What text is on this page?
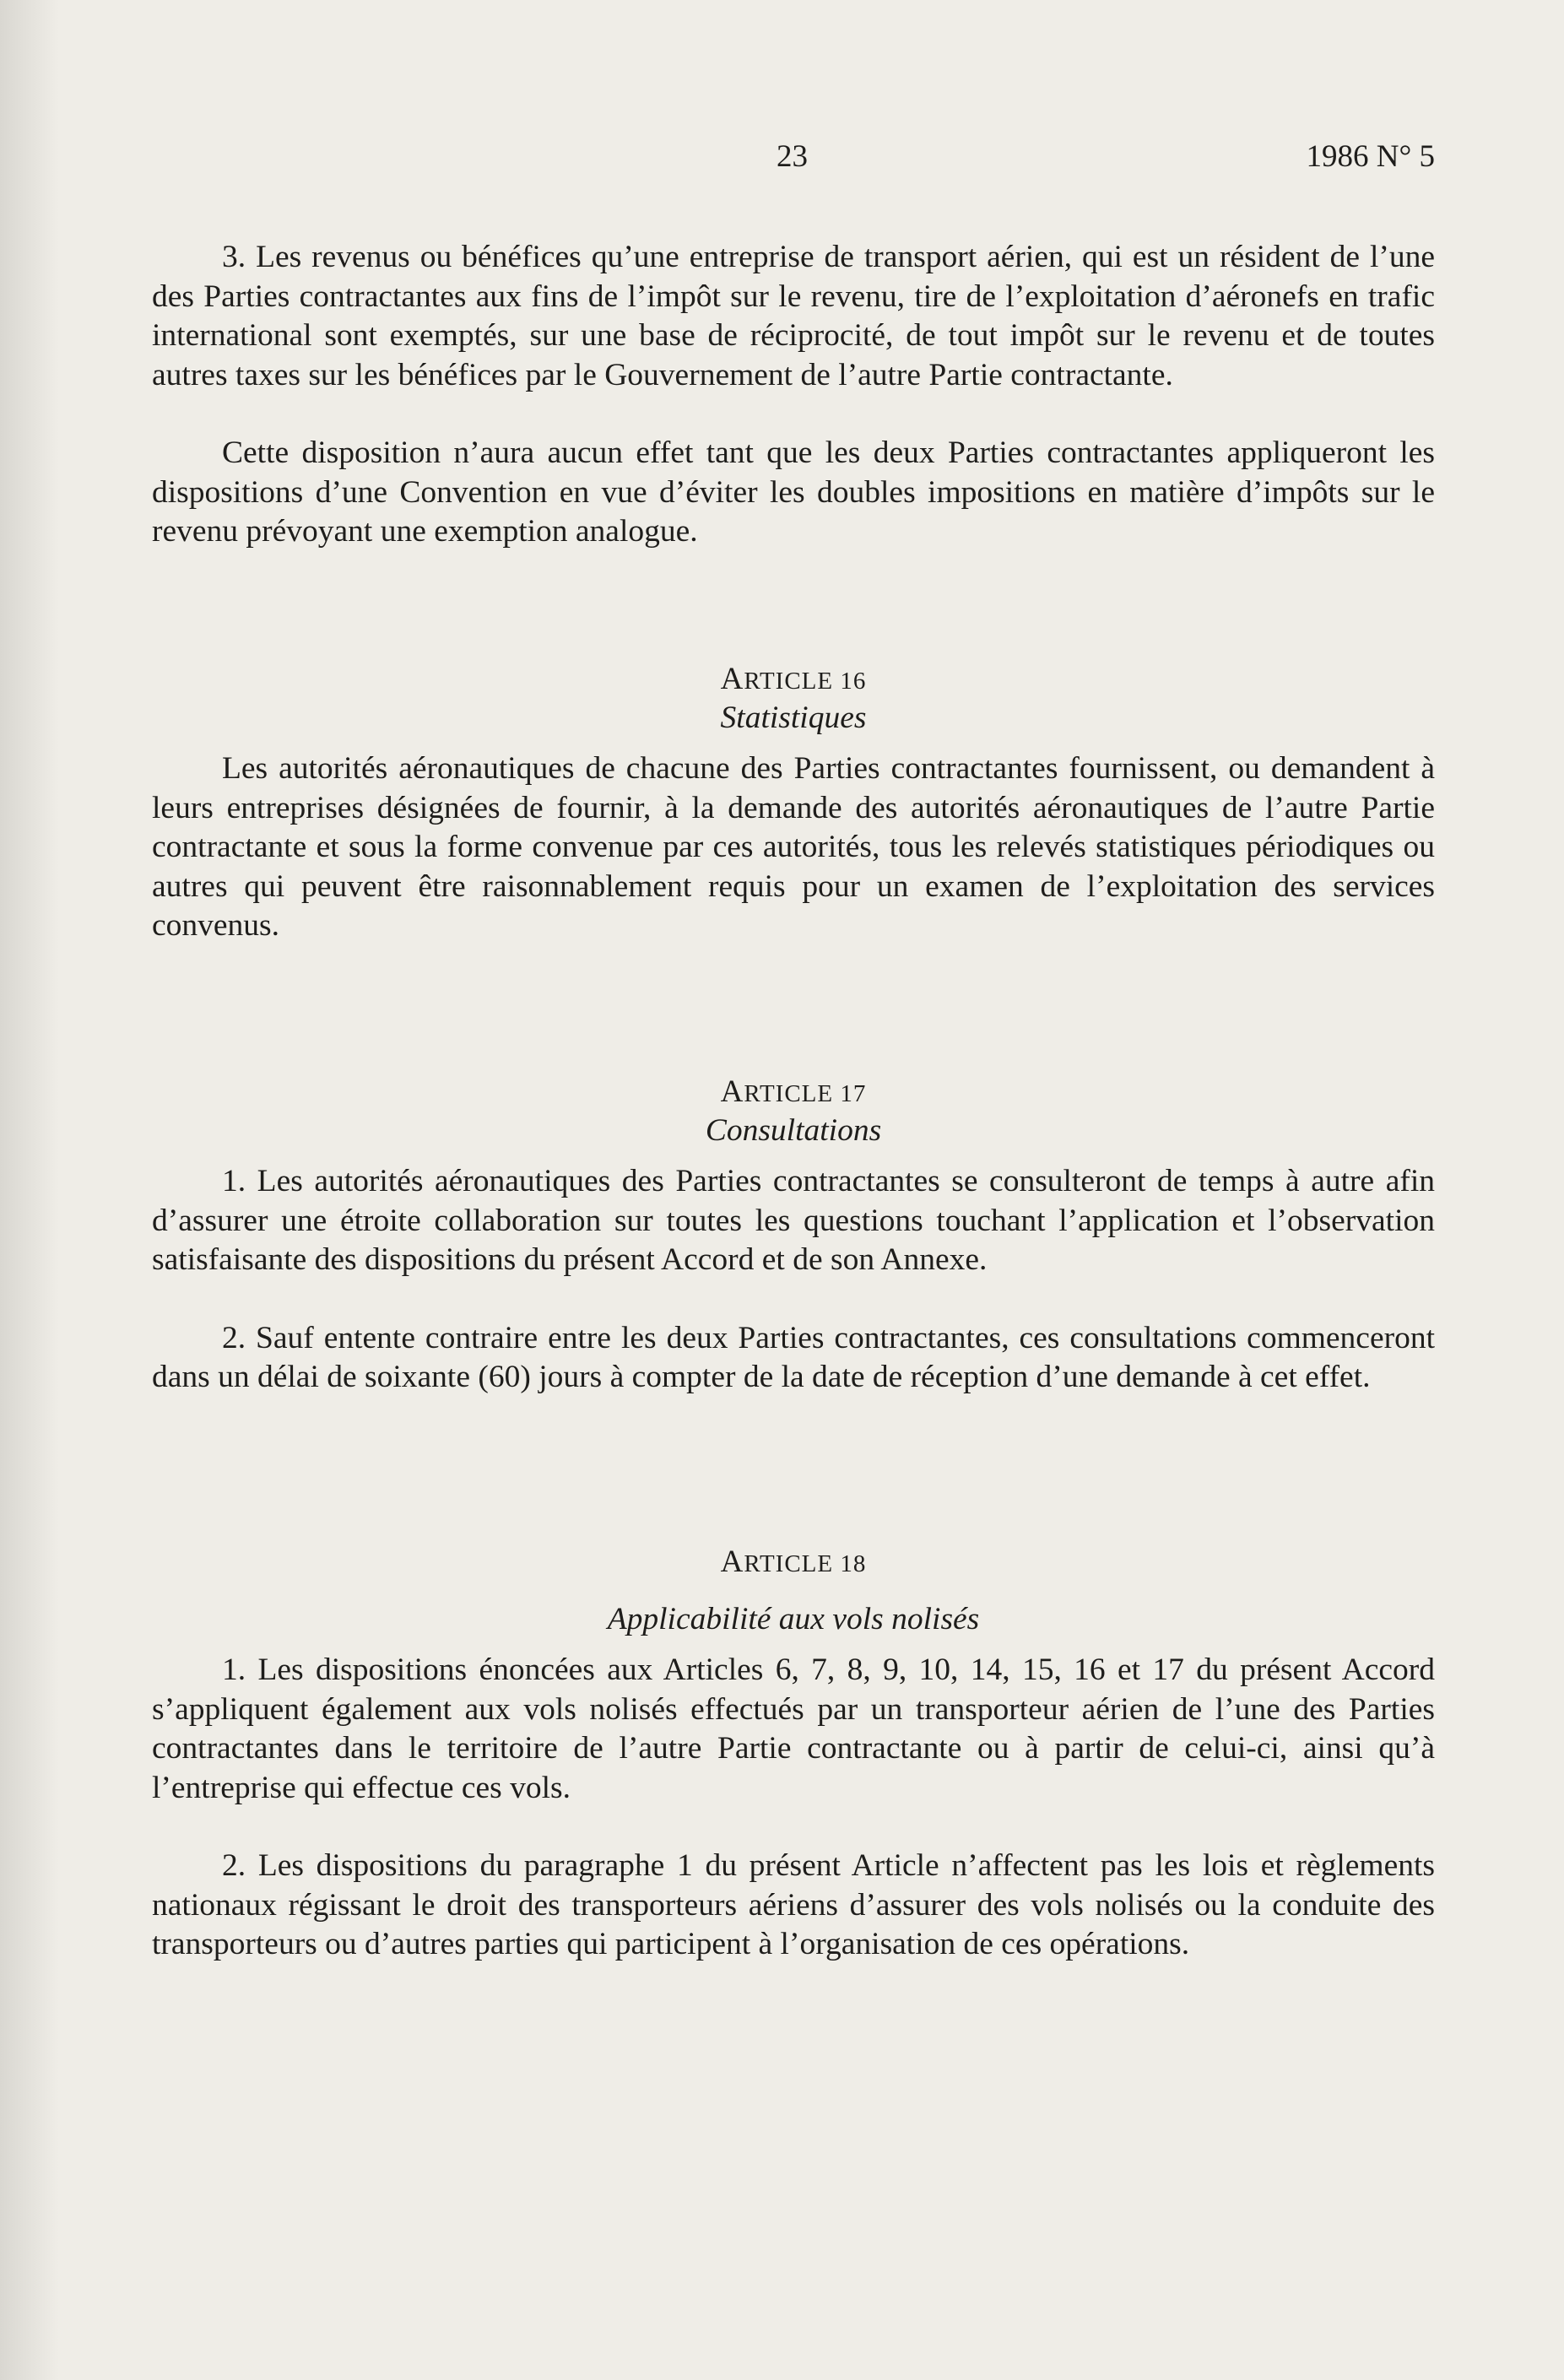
23	1986 N° 5

3. Les revenus ou bénéfices qu’une entreprise de transport aérien, qui est un résident de l’une des Parties contractantes aux fins de l’impôt sur le revenu, tire de l’exploitation d’aéronefs en trafic international sont exemptés, sur une base de réciprocité, de tout impôt sur le revenu et de toutes autres taxes sur les bénéfices par le Gouvernement de l’autre Partie contractante.

Cette disposition n’aura aucun effet tant que les deux Parties contractantes appliqueront les dispositions d’une Convention en vue d’éviter les doubles impositions en matière d’impôts sur le revenu prévoyant une exemption analogue.

ARTICLE 16
Statistiques

Les autorités aéronautiques de chacune des Parties contractantes fournissent, ou demandent à leurs entreprises désignées de fournir, à la demande des autorités aéronautiques de l’autre Partie contractante et sous la forme convenue par ces autorités, tous les relevés statistiques périodiques ou autres qui peuvent être raisonnablement requis pour un examen de l’exploitation des services convenus.

ARTICLE 17
Consultations

1. Les autorités aéronautiques des Parties contractantes se consulteront de temps à autre afin d’assurer une étroite collaboration sur toutes les questions touchant l’application et l’observation satisfaisante des dispositions du présent Accord et de son Annexe.

2. Sauf entente contraire entre les deux Parties contractantes, ces consultations commenceront dans un délai de soixante (60) jours à compter de la date de réception d’une demande à cet effet.

ARTICLE 18
Applicabilité aux vols nolisés

1. Les dispositions énoncées aux Articles 6, 7, 8, 9, 10, 14, 15, 16 et 17 du présent Accord s’appliquent également aux vols nolisés effectués par un transporteur aérien de l’une des Parties contractantes dans le territoire de l’autre Partie contractante ou à partir de celui-ci, ainsi qu’à l’entreprise qui effectue ces vols.

2. Les dispositions du paragraphe 1 du présent Article n’affectent pas les lois et règlements nationaux régissant le droit des transporteurs aériens d’assurer des vols nolisés ou la conduite des transporteurs ou d’autres parties qui participent à l’organisation de ces opérations.
